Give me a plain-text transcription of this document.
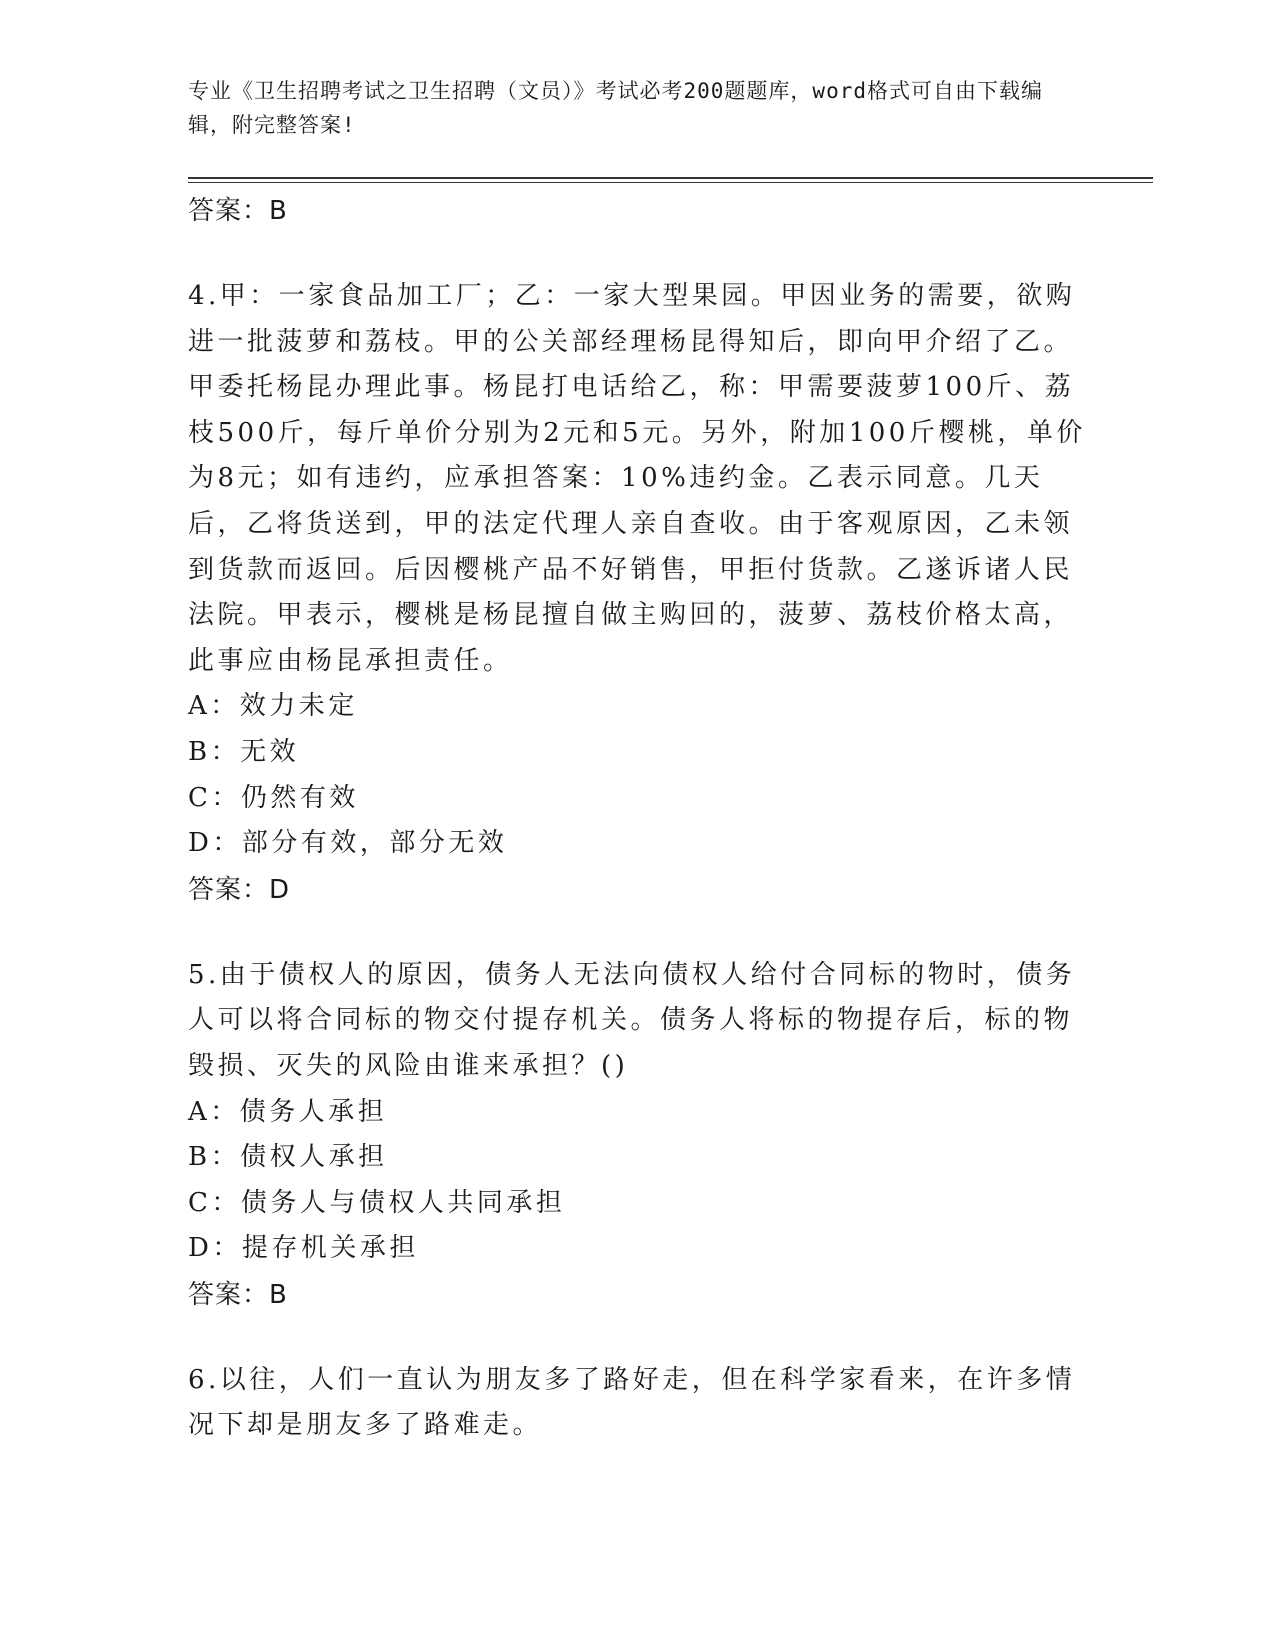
专业《卫生招聘考试之卫生招聘（文员）》考试必考200题题库，word格式可自由下载编辑，附完整答案!
答案：B

4.甲：一家食品加工厂；乙：一家大型果园。甲因业务的需要，欲购进一批菠萝和荔枝。甲的公关部经理杨昆得知后，即向甲介绍了乙。甲委托杨昆办理此事。杨昆打电话给乙，称：甲需要菠萝100斤、荔枝500斤，每斤单价分别为2元和5元。另外，附加100斤樱桃，单价为8元；如有违约，应承担答案：10%违约金。乙表示同意。几天后，乙将货送到，甲的法定代理人亲自查收。由于客观原因，乙未领到货款而返回。后因樱桃产品不好销售，甲拒付货款。乙遂诉诸人民法院。甲表示，樱桃是杨昆擅自做主购回的，菠萝、荔枝价格太高，此事应由杨昆承担责任。

A：效力未定

B：无效

C：仍然有效

D：部分有效，部分无效

答案：D

5.由于债权人的原因，债务人无法向债权人给付合同标的物时，债务人可以将合同标的物交付提存机关。债务人将标的物提存后，标的物毁损、灭失的风险由谁来承担？()

A：债务人承担

B：债权人承担

C：债务人与债权人共同承担

D：提存机关承担

答案：B

6.以往，人们一直认为朋友多了路好走，但在科学家看来，在许多情况下却是朋友多了路难走。
